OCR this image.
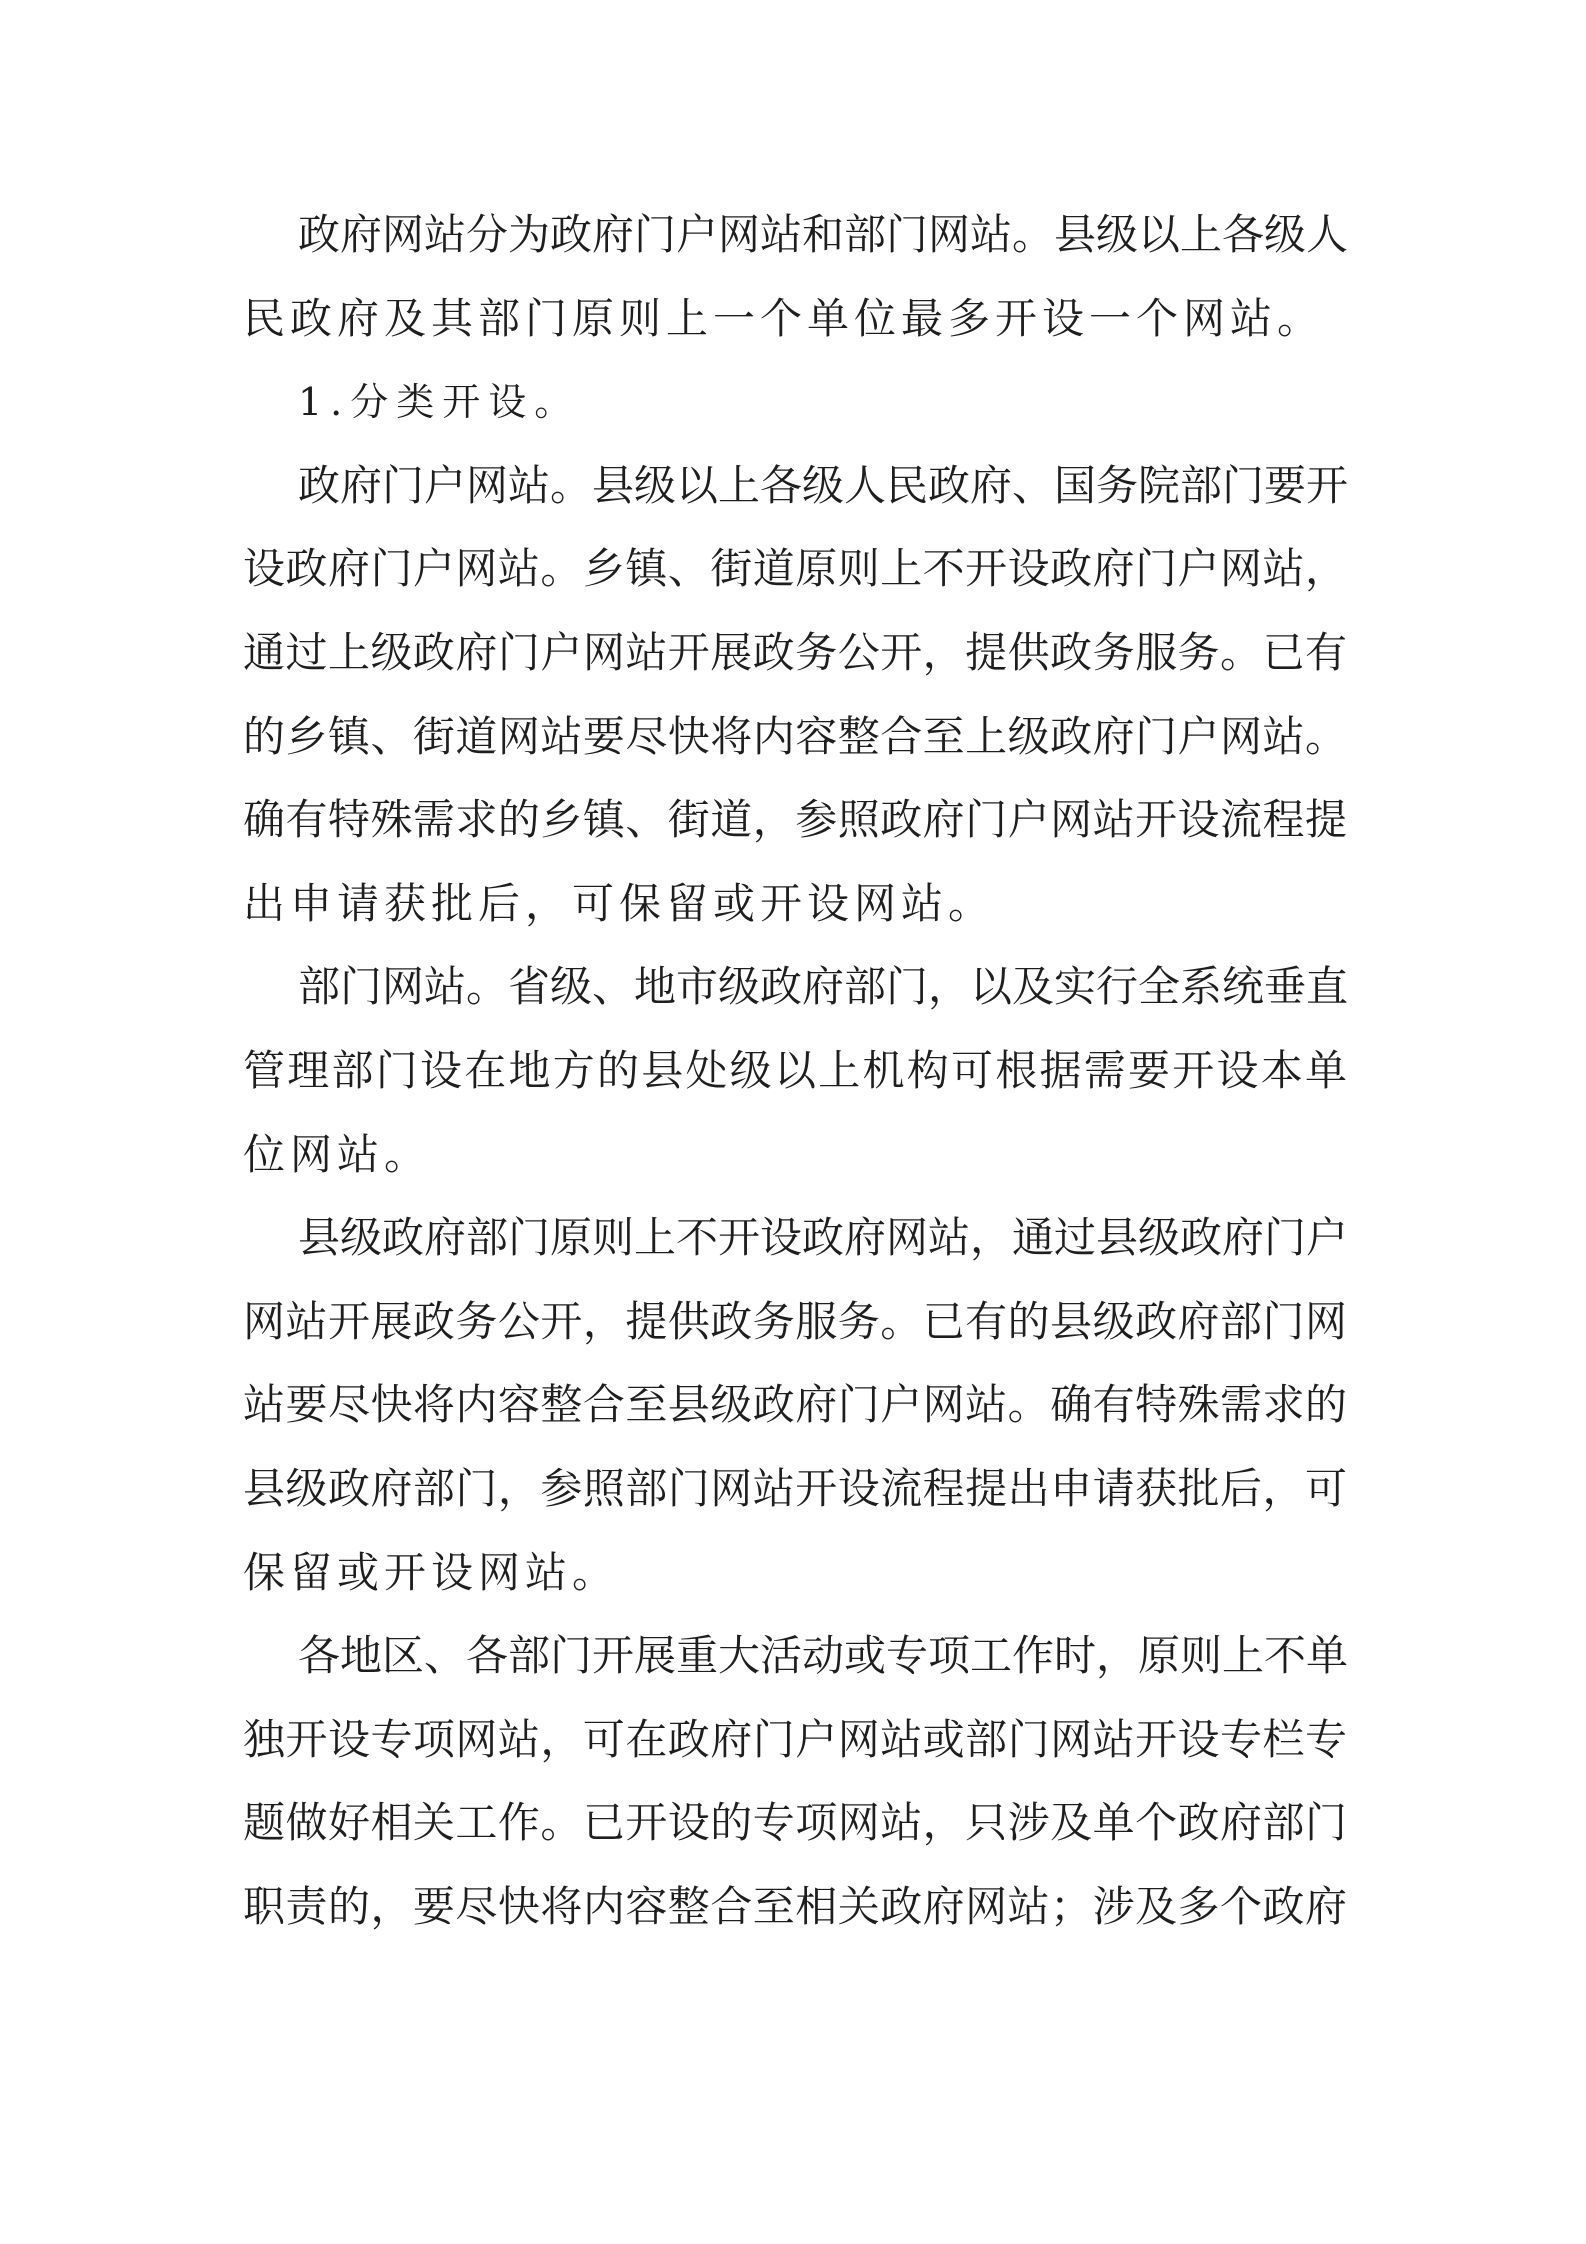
政府网站分为政府门户网站和部门网站。县级以上各级人
民政府及其部门原则上一个单位最多开设一个网站。
1.分类开设。
政府门户网站。县级以上各级人民政府、国务院部门要开
设政府门户网站。乡镇、街道原则上不开设政府门户网站，
通过上级政府门户网站开展政务公开，提供政务服务。已有
的乡镇、街道网站要尽快将内容整合至上级政府门户网站。
确有特殊需求的乡镇、街道，参照政府门户网站开设流程提
出申请获批后，可保留或开设网站。
部门网站。省级、地市级政府部门，以及实行全系统垂直
管理部门设在地方的县处级以上机构可根据需要开设本单
位网站。
县级政府部门原则上不开设政府网站，通过县级政府门户
网站开展政务公开，提供政务服务。已有的县级政府部门网
站要尽快将内容整合至县级政府门户网站。确有特殊需求的
县级政府部门，参照部门网站开设流程提出申请获批后，可
保留或开设网站。
各地区、各部门开展重大活动或专项工作时，原则上不单
独开设专项网站，可在政府门户网站或部门网站开设专栏专
题做好相关工作。已开设的专项网站，只涉及单个政府部门
职责的，要尽快将内容整合至相关政府网站；涉及多个政府
